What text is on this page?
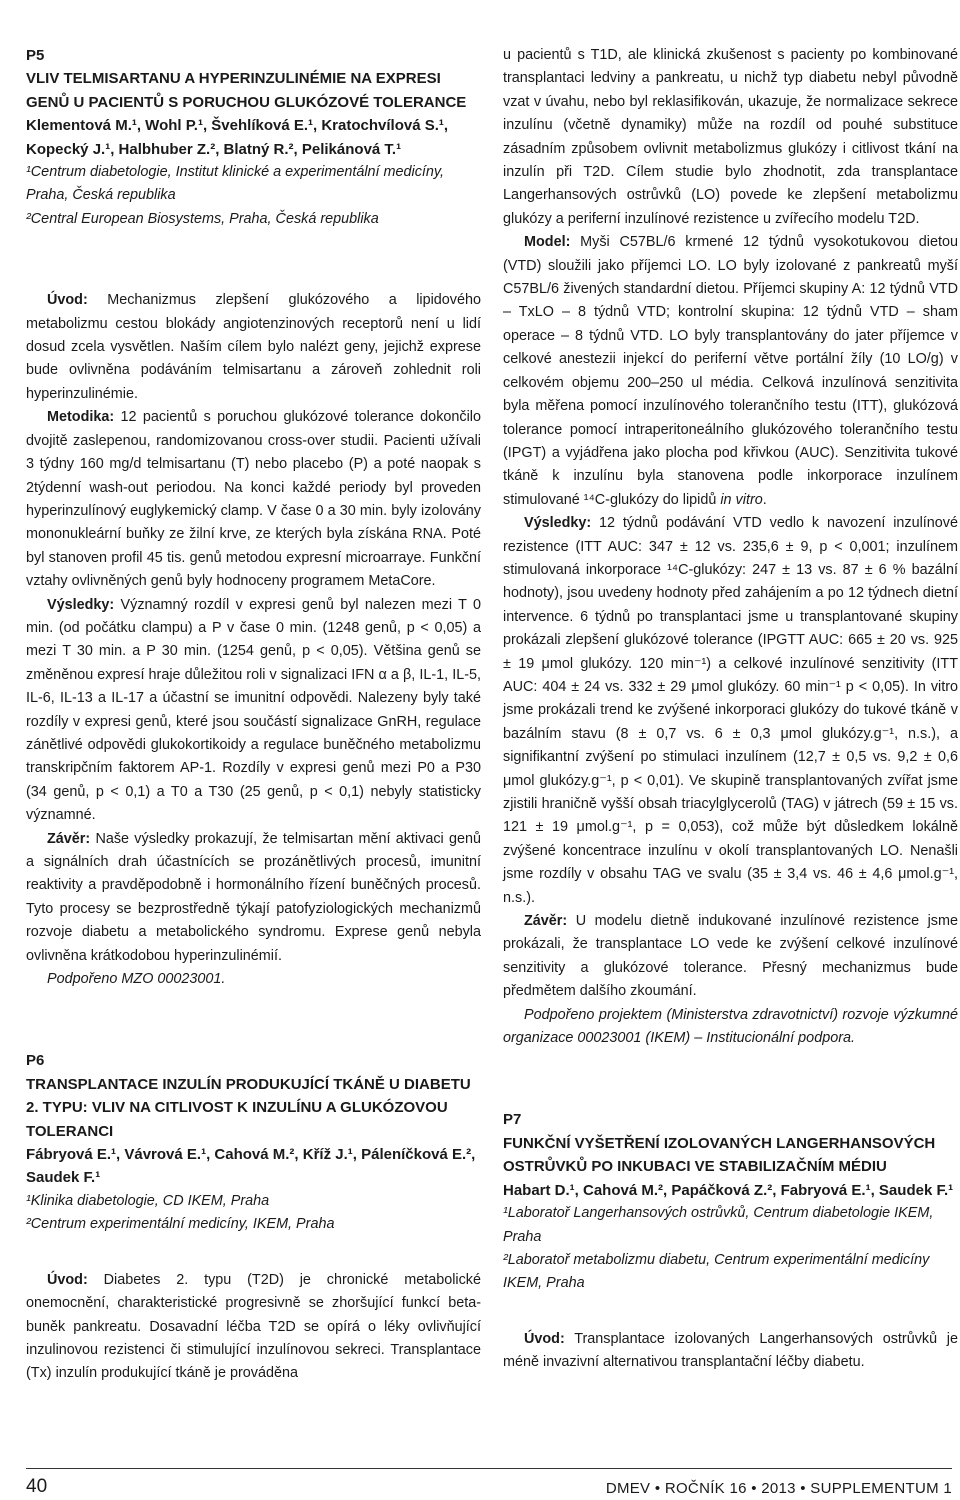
P5

VLIV TELMISARTANU A HYPERINZULINÉMIE NA EXPRESI GENŮ U PACIENTŮ S PORUCHOU GLUKÓZOVÉ TOLERANCE

Klementová M.¹, Wohl P.¹, Švehlíková E.¹, Kratochvílová S.¹, Kopecký J.¹, Halbhuber Z.², Blatný R.², Pelikánová T.¹

¹Centrum diabetologie, Institut klinické a experimentální medicíny, Praha, Česká republika

²Central European Biosystems, Praha, Česká republika

Úvod: Mechanizmus zlepšení glukózového a lipidového metabolizmu cestou blokády angiotenzinových receptorů není u lidí dosud zcela vysvětlen. Naším cílem bylo nalézt geny, jejichž exprese bude ovlivněna podáváním telmisartanu a zároveň zohlednit roli hyperinzulinémie.

Metodika: 12 pacientů s poruchou glukózové tolerance dokončilo dvojitě zaslepenou, randomizovanou cross-over studii. Pacienti užívali 3 týdny 160 mg/d telmisartanu (T) nebo placebo (P) a poté naopak s 2týdenní wash-out periodou. Na konci každé periody byl proveden hyperinzulínový euglykemický clamp. V čase 0 a 30 min. byly izolovány mononukleární buňky ze žilní krve, ze kterých byla získána RNA. Poté byl stanoven profil 45 tis. genů metodou expresní microarraye. Funkční vztahy ovlivněných genů byly hodnoceny programem MetaCore.

Výsledky: Významný rozdíl v expresi genů byl nalezen mezi T 0 min. (od počátku clampu) a P v čase 0 min. (1248 genů, p < 0,05) a mezi T 30 min. a P 30 min. (1254 genů, p < 0,05). Většina genů se změněnou expresí hraje důležitou roli v signalizaci IFN α a β, IL-1, IL-5, IL-6, IL-13 a IL-17 a účastní se imunitní odpovědi. Nalezeny byly také rozdíly v expresi genů, které jsou součástí signalizace GnRH, regulace zánětlivé odpovědi glukokortikoidy a regulace buněčného metabolizmu transkripčním faktorem AP-1. Rozdíly v expresi genů mezi P0 a P30 (34 genů, p < 0,1) a T0 a T30 (25 genů, p < 0,1) nebyly statisticky významné.

Závěr: Naše výsledky prokazují, že telmisartan mění aktivaci genů a signálních drah účastnících se prozánětlivých procesů, imunitní reaktivity a pravděpodobně i hormonálního řízení buněčných procesů. Tyto procesy se bezprostředně týkají patofyziologických mechanizmů rozvoje diabetu a metabolického syndromu. Exprese genů nebyla ovlivněna krátkodobou hyperinzulinémií.

Podpořeno MZO 00023001.

P6

TRANSPLANTACE INZULÍN PRODUKUJÍCÍ TKÁNĚ U DIABETU 2. TYPU: VLIV NA CITLIVOST K INZULÍNU A GLUKÓZOVOU TOLERANCI

Fábryová E.¹, Vávrová E.¹, Cahová M.², Kříž J.¹, Páleníčková E.², Saudek F.¹

¹Klinika diabetologie, CD IKEM, Praha

²Centrum experimentální medicíny, IKEM, Praha

Úvod: Diabetes 2. typu (T2D) je chronické metabolické onemocnění, charakteristické progresivně se zhoršující funkcí beta-buněk pankreatu. Dosavadní léčba T2D se opírá o léky ovlivňující inzulinovou rezistenci či stimulující inzulínovou sekreci. Transplantace (Tx) inzulín produkující tkáně je prováděna

u pacientů s T1D, ale klinická zkušenost s pacienty po kombinované transplantaci ledviny a pankreatu, u nichž typ diabetu nebyl původně vzat v úvahu, nebo byl reklasifikován, ukazuje, že normalizace sekrece inzulínu (včetně dynamiky) může na rozdíl od pouhé substituce zásadním způsobem ovlivnit metabolizmus glukózy i citlivost tkání na inzulín při T2D. Cílem studie bylo zhodnotit, zda transplantace Langerhansových ostrůvků (LO) povede ke zlepšení metabolizmu glukózy a periferní inzulínové rezistence u zvířecího modelu T2D.

Model: Myši C57BL/6 krmené 12 týdnů vysokotukovou dietou (VTD) sloužili jako příjemci LO. LO byly izolované z pankreatů myší C57BL/6 živených standardní dietou. Příjemci skupiny A: 12 týdnů VTD – TxLO – 8 týdnů VTD; kontrolní skupina: 12 týdnů VTD – sham operace – 8 týdnů VTD. LO byly transplantovány do jater příjemce v celkové anestezii injekcí do periferní větve portální žíly (10 LO/g) v celkovém objemu 200–250 ul média. Celková inzulínová senzitivita byla měřena pomocí inzulínového tolerančního testu (ITT), glukózová tolerance pomocí intraperitoneálního glukózového tolerančního testu (IPGT) a vyjádřena jako plocha pod křivkou (AUC). Senzitivita tukové tkáně k inzulínu byla stanovena podle inkorporace inzulínem stimulované ¹⁴C-glukózy do lipidů in vitro.

Výsledky: 12 týdnů podávání VTD vedlo k navození inzulínové rezistence (ITT AUC: 347 ± 12 vs. 235,6 ± 9, p < 0,001; inzulínem stimulovaná inkorporace ¹⁴C-glukózy: 247 ± 13 vs. 87 ± 6 % bazální hodnoty), jsou uvedeny hodnoty před zahájením a po 12 týdnech dietní intervence. 6 týdnů po transplantaci jsme u transplantované skupiny prokázali zlepšení glukózové tolerance (IPGTT AUC: 665 ± 20 vs. 925 ± 19 μmol glukózy. 120 min⁻¹) a celkové inzulínové senzitivity (ITT AUC: 404 ± 24 vs. 332 ± 29 μmol glukózy. 60 min⁻¹ p < 0,05). In vitro jsme prokázali trend ke zvýšené inkorporaci glukózy do tukové tkáně v bazálním stavu (8 ± 0,7 vs. 6 ± 0,3 μmol glukózy.g⁻¹, n.s.), a signifikantní zvýšení po stimulaci inzulínem (12,7 ± 0,5 vs. 9,2 ± 0,6 μmol glukózy.g⁻¹, p < 0,01). Ve skupině transplantovaných zvířat jsme zjistili hraničně vyšší obsah triacylglycerolů (TAG) v játrech (59 ± 15 vs. 121 ± 19 μmol.g⁻¹, p = 0,053), což může být důsledkem lokálně zvýšené koncentrace inzulínu v okolí transplantovaných LO. Nenašli jsme rozdíly v obsahu TAG ve svalu (35 ± 3,4 vs. 46 ± 4,6 μmol.g⁻¹, n.s.).

Závěr: U modelu dietně indukované inzulínové rezistence jsme prokázali, že transplantace LO vede ke zvýšení celkové inzulínové senzitivity a glukózové tolerance. Přesný mechanizmus bude předmětem dalšího zkoumání.

Podpořeno projektem (Ministerstva zdravotnictví) rozvoje výzkumné organizace 00023001 (IKEM) – Institucionální podpora.

P7

FUNKČNÍ VYŠETŘENÍ IZOLOVANÝCH LANGERHANSOVÝCH OSTRŮVKŮ PO INKUBACI VE STABILIZAČNÍM MÉDIU

Habart D.¹, Cahová M.², Papáčková Z.², Fabryová E.¹, Saudek F.¹

¹Laboratoř Langerhansových ostrůvků, Centrum diabetologie IKEM, Praha

²Laboratoř metabolizmu diabetu, Centrum experimentální medicíny IKEM, Praha

Úvod: Transplantace izolovaných Langerhansových ostrůvků je méně invazivní alternativou transplantační léčby diabetu.

40	DMEV • ROČNÍK 16 • 2013 • SUPPLEMENTUM 1
